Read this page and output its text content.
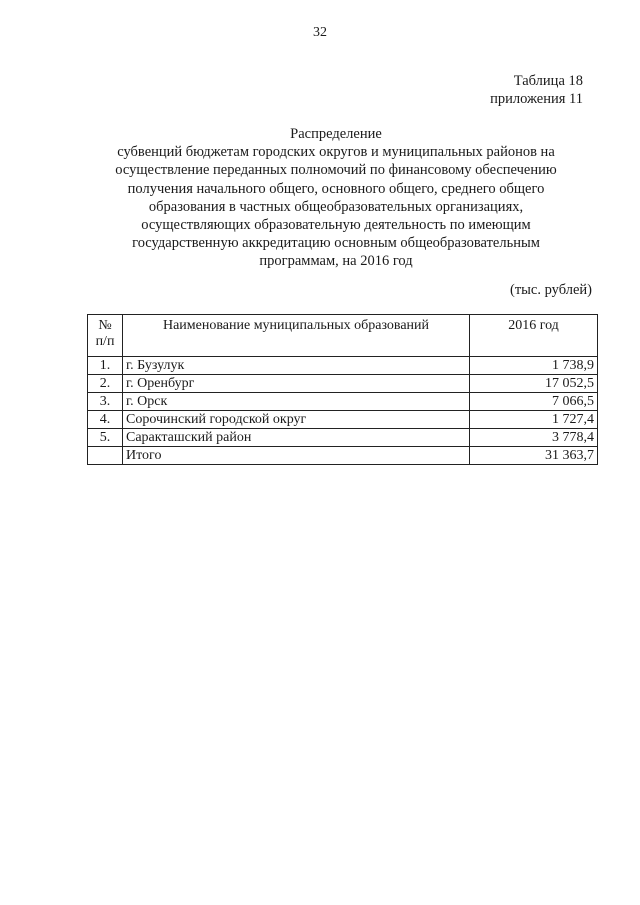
32
Таблица 18
приложения 11
Распределение
субвенций бюджетам городских округов и муниципальных районов на
осуществление переданных полномочий по финансовому обеспечению
получения начального общего, основного общего, среднего общего
образования в частных общеобразовательных организациях,
осуществляющих образовательную деятельность по имеющим
государственную аккредитацию основным общеобразовательным
программам, на 2016 год
(тыс. рублей)
№
п/п	Наименование муниципальных образований	2016 год
1.	г. Бузулук	1 738,9
2.	г. Оренбург	17 052,5
3.	г. Орск	7 066,5
4.	Сорочинский городской округ	1 727,4
5.	Саракташский район	3 778,4
	Итого	31 363,7
